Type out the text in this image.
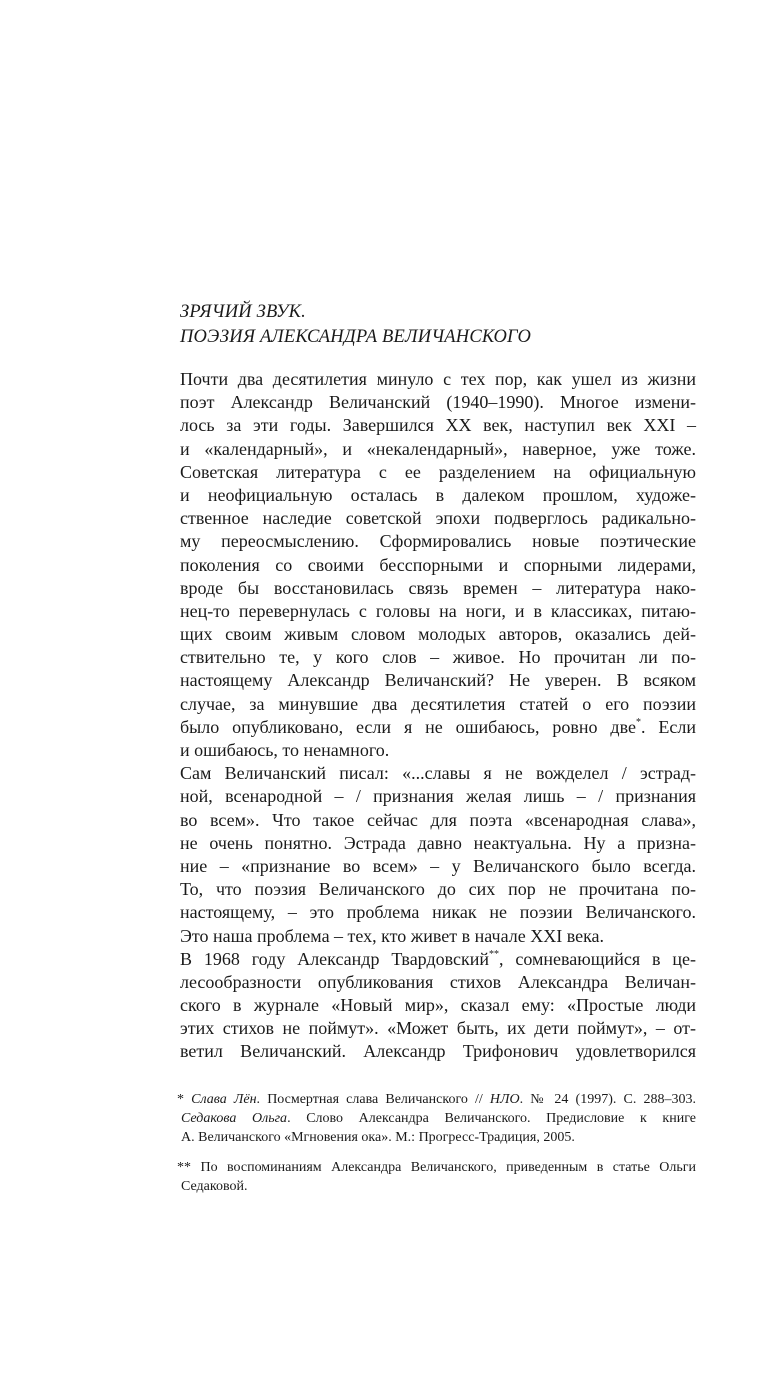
ЗРЯЧИЙ ЗВУК.
ПОЭЗИЯ АЛЕКСАНДРА ВЕЛИЧАНСКОГО
Почти два десятилетия минуло с тех пор, как ушел из жизни
поэт Александр Величанский (1940–1990). Многое измени-
лось за эти годы. Завершился XX век, наступил век XXI –
и «календарный», и «некалендарный», наверное, уже тоже.
Советская литература с ее разделением на официальную
и неофициальную осталась в далеком прошлом, художе-
ственное наследие советской эпохи подверглось радикально-
му переосмыслению. Сформировались новые поэтические
поколения со своими бесспорными и спорными лидерами,
вроде бы восстановилась связь времен – литература нако-
нец-то перевернулась с головы на ноги, и в классиках, питаю-
щих своим живым словом молодых авторов, оказались дей-
ствительно те, у кого слов – живое. Но прочитан ли по-
настоящему Александр Величанский? Не уверен. В всяком
случае, за минувшие два десятилетия статей о его поэзии
было опубликовано, если я не ошибаюсь, ровно две*. Если
и ошибаюсь, то ненамного.
Сам Величанский писал: «...славы я не вожделел / эстрад-
ной, всенародной – / признания желая лишь – / признания
во всем». Что такое сейчас для поэта «всенародная слава»,
не очень понятно. Эстрада давно неактуальна. Ну а призна-
ние – «признание во всем» – у Величанского было всегда.
То, что поэзия Величанского до сих пор не прочитана по-
настоящему, – это проблема никак не поэзии Величанского.
Это наша проблема – тех, кто живет в начале XXI века.
В 1968 году Александр Твардовский**, сомневающийся в це-
лесообразности опубликования стихов Александра Величан-
ского в журнале «Новый мир», сказал ему: «Простые люди
этих стихов не поймут». «Может быть, их дети поймут», – от-
ветил Величанский. Александр Трифонович удовлетворился
* Слава Лён. Посмертная слава Величанского // НЛО. № 24 (1997). С. 288–303.
Седакова Ольга. Слово Александра Величанского. Предисловие к книге
А. Величанского «Мгновения ока». М.: Прогресс-Традиция, 2005.
** По воспоминаниям Александра Величанского, приведенным в статье Ольги
Седаковой.
